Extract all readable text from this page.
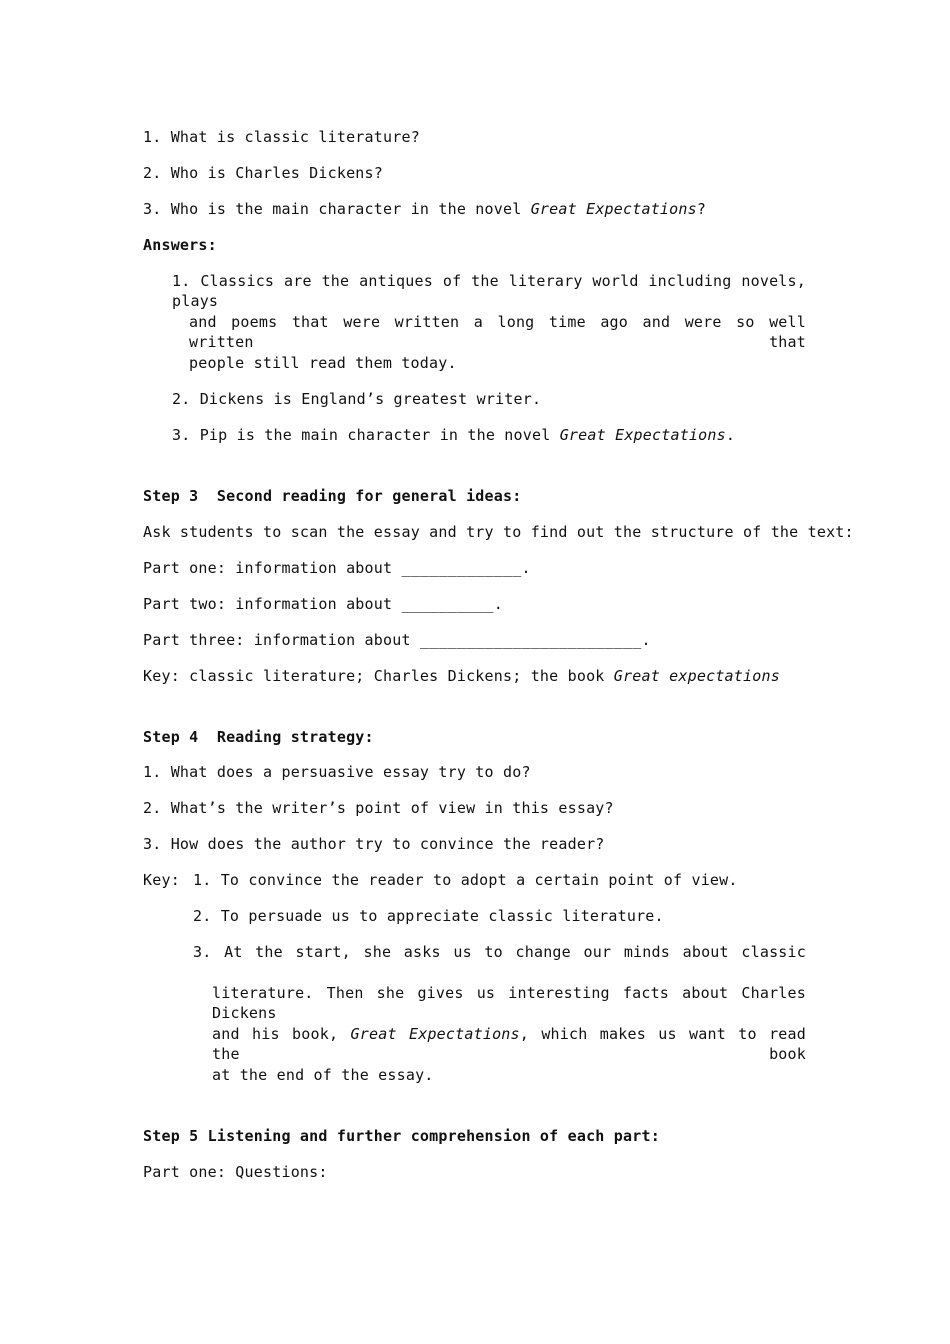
1. What is classic literature?
2. Who is Charles Dickens?
3. Who is the main character in the novel Great Expectations?
Answers:
1. Classics are the antiques of the literary world including novels, plays
and poems that were written a long time ago and were so well written that
people still read them today.
2. Dickens is England’s greatest writer.
3. Pip is the main character in the novel Great Expectations.
Step 3  Second reading for general ideas:
Ask students to scan the essay and try to find out the structure of the text:
Part one: information about _____________.
Part two: information about __________.
Part three: information about ________________________.
Key: classic literature; Charles Dickens; the book Great expectations
Step 4  Reading strategy:
1. What does a persuasive essay try to do?
2. What’s the writer’s point of view in this essay?
3. How does the author try to convince the reader?
Key: 1. To convince the reader to adopt a certain point of view.
2. To persuade us to appreciate classic literature.
3. At the start, she asks us to change our minds about classic
literature. Then she gives us interesting facts about Charles Dickens
and his book, Great Expectations, which makes us want to read the book
at the end of the essay.
Step 5 Listening and further comprehension of each part:
Part one: Questions:
